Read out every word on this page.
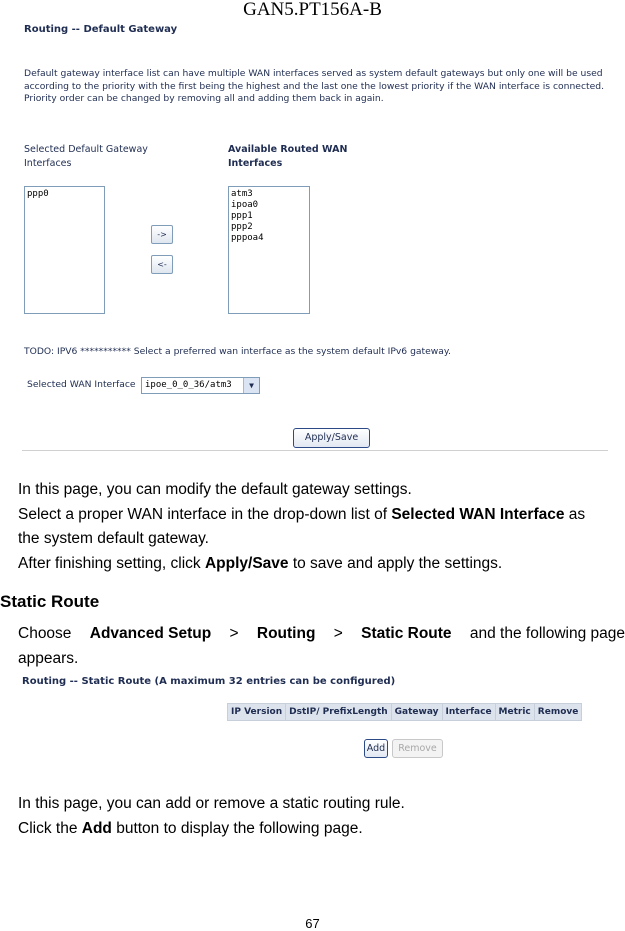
GAN5.PT156A-B
Routing -- Default Gateway
Default gateway interface list can have multiple WAN interfaces served as system default gateways but only one will be used
according to the priority with the first being the highest and the last one the lowest priority if the WAN interface is connected.
Priority order can be changed by removing all and adding them back in again.
Selected Default Gateway
Interfaces
Available Routed WAN
Interfaces
ppp0
->
<-
atm3
ipoa0
ppp1
ppp2
pppoa4
TODO: IPV6 *********** Select a preferred wan interface as the system default IPv6 gateway.
Selected WAN Interface	ipoe_0_0_36/atm3	▼
Apply/Save
In this page, you can modify the default gateway settings.
Select a proper WAN interface in the drop-down list of Selected WAN Interface as
the system default gateway.
After finishing setting, click Apply/Save to save and apply the settings.
Static Route
Choose Advanced Setup > Routing > Static Route and the following page
appears.
Routing -- Static Route (A maximum 32 entries can be configured)
IP Version	DstIP/ PrefixLength	Gateway	Interface	Metric	Remove
Add	Remove
In this page, you can add or remove a static routing rule.
Click the Add button to display the following page.
67
